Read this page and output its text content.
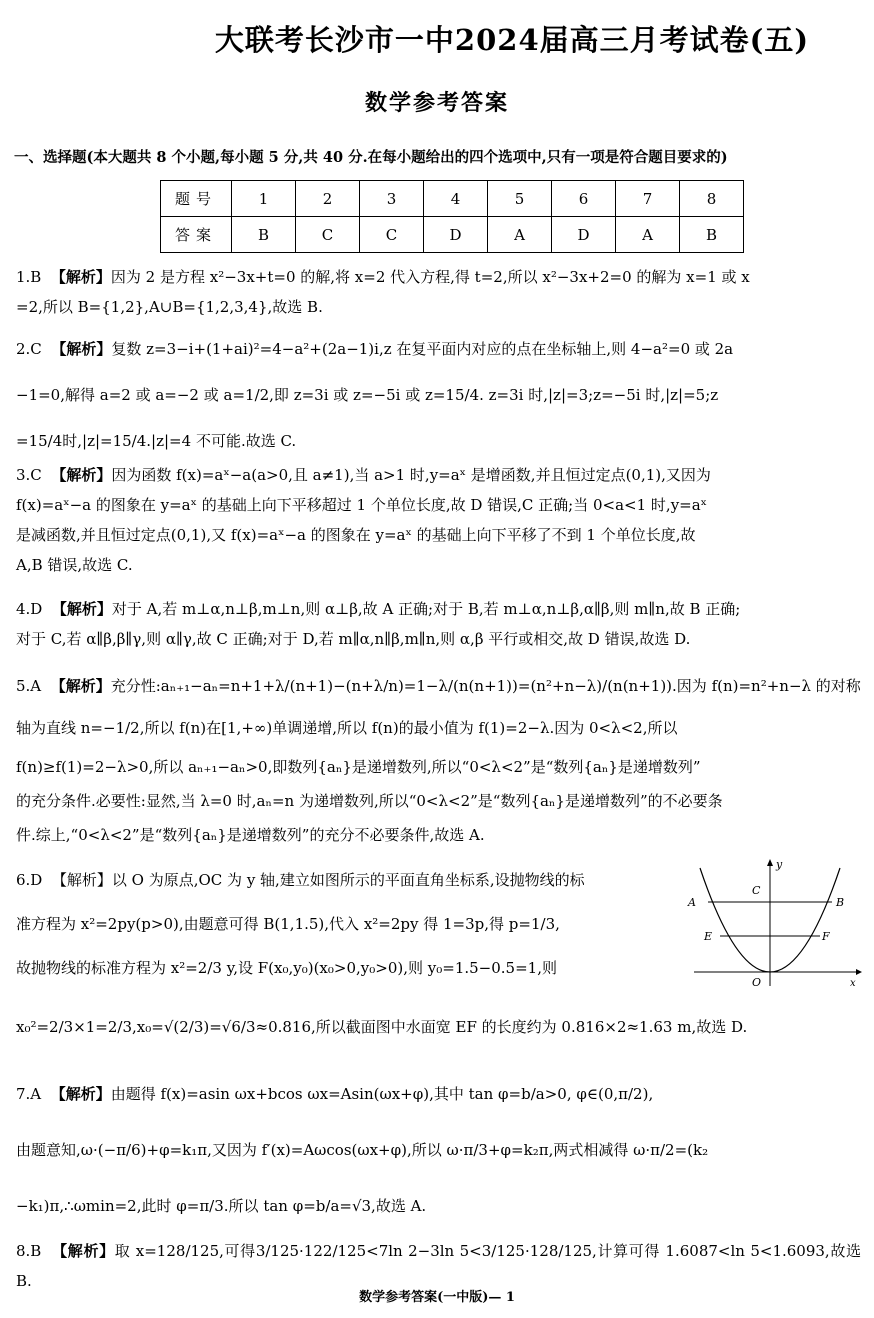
大联考长沙市一中2024届高三月考试卷(五)
数学参考答案
一、选择题(本大题共 8 个小题,每小题 5 分,共 40 分.在每小题给出的四个选项中,只有一项是符合题目要求的)
题号	1	2	3	4	5	6	7	8
答案	B	C	C	D	A	D	A	B

1.B 【解析】因为 2 是方程 x²−3x+t=0 的解,将 x=2 代入方程,得 t=2,所以 x²−3x+2=0 的解为 x=1 或 x

=2,所以 B={1,2},A∪B={1,2,3,4},故选 B.

2.C 【解析】复数 z=3−i+(1+ai)²=4−a²+(2a−1)i,z 在复平面内对应的点在坐标轴上,则 4−a²=0 或 2a

−1=0,解得 a=2 或 a=−2 或 a=1/2,即 z=3i 或 z=−5i 或 z=15/4. z=3i 时,|z|=3;z=−5i 时,|z|=5;z

=15/4时,|z|=15/4.|z|=4 不可能.故选 C.

3.C 【解析】因为函数 f(x)=aˣ−a(a>0,且 a≠1),当 a>1 时,y=aˣ 是增函数,并且恒过定点(0,1),又因为

f(x)=aˣ−a 的图象在 y=aˣ 的基础上向下平移超过 1 个单位长度,故 D 错误,C 正确;当 0<a<1 时,y=aˣ

是减函数,并且恒过定点(0,1),又 f(x)=aˣ−a 的图象在 y=aˣ 的基础上向下平移了不到 1 个单位长度,故

A,B 错误,故选 C.

4.D 【解析】对于 A,若 m⊥α,n⊥β,m⊥n,则 α⊥β,故 A 正确;对于 B,若 m⊥α,n⊥β,α∥β,则 m∥n,故 B 正确;

对于 C,若 α∥β,β∥γ,则 α∥γ,故 C 正确;对于 D,若 m∥α,n∥β,m∥n,则 α,β 平行或相交,故 D 错误,故选 D.

5.A 【解析】充分性:aₙ₊₁−aₙ=n+1+λ/(n+1)−(n+λ/n)=1−λ/(n(n+1))=(n²+n−λ)/(n(n+1)).因为 f(n)=n²+n−λ 的对称

轴为直线 n=−1/2,所以 f(n)在[1,+∞)单调递增,所以 f(n)的最小值为 f(1)=2−λ.因为 0<λ<2,所以

f(n)≥f(1)=2−λ>0,所以 aₙ₊₁−aₙ>0,即数列{aₙ}是递增数列,所以“0<λ<2”是“数列{aₙ}是递增数列”

的充分条件.必要性:显然,当 λ=0 时,aₙ=n 为递增数列,所以“0<λ<2”是“数列{aₙ}是递增数列”的不必要条

件.综上,“0<λ<2”是“数列{aₙ}是递增数列”的充分不必要条件,故选 A.

6.D 【解析】以 O 为原点,OC 为 y 轴,建立如图所示的平面直角坐标系,设抛物线的标

准方程为 x²=2py(p>0),由题意可得 B(1,1.5),代入 x²=2py 得 1=3p,得 p=1/3,

故抛物线的标准方程为 x²=2/3 y,设 F(x₀,y₀)(x₀>0,y₀>0),则 y₀=1.5−0.5=1,则

x₀²=2/3×1=2/3,x₀=√(2/3)=√6/3≈0.816,所以截面图中水面宽 EF 的长度约为 0.816×2≈1.63 m,故选 D.

y
C
A	B
E	F
O	x

7.A 【解析】由题得 f(x)=asin ωx+bcos ωx=Asin(ωx+φ),其中 tan φ=b/a>0, φ∈(0,π/2),

由题意知,ω·(−π/6)+φ=k₁π,又因为 f′(x)=Aωcos(ωx+φ),所以 ω·π/3+φ=k₂π,两式相减得 ω·π/2=(k₂

−k₁)π,∴ωmin=2,此时 φ=π/3.所以 tan φ=b/a=√3,故选 A.

8.B 【解析】取 x=128/125,可得3/125·122/125<7ln 2−3ln 5<3/125·128/125,计算可得 1.6087<ln 5<1.6093,故选 B.

数学参考答案(一中版)— 1
